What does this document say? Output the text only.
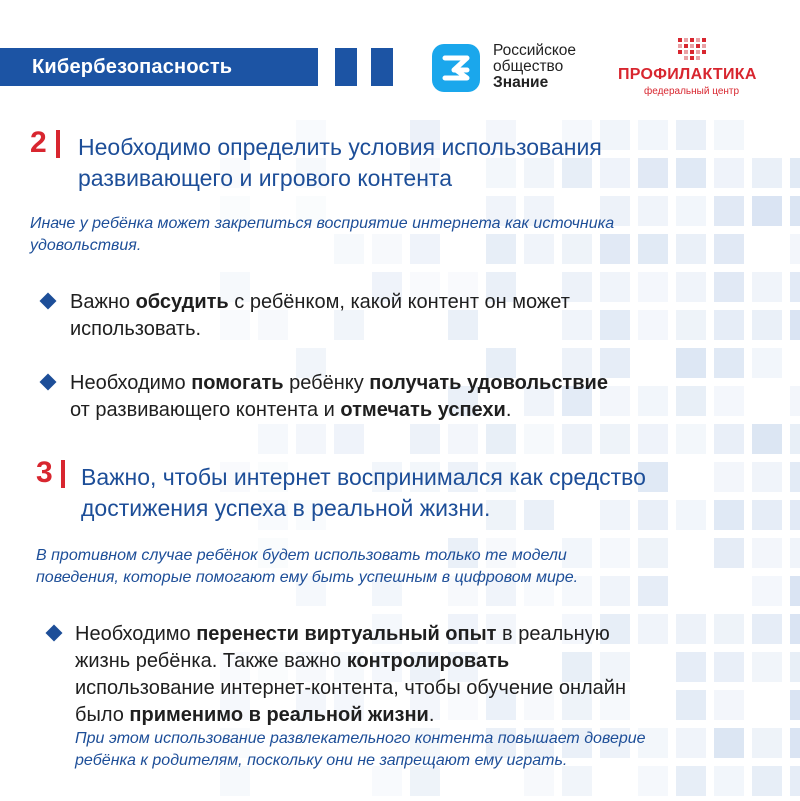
Кибербезопасность
Российское
общество
Знание	ПРОФИЛАКТИКА
федеральный центр
2 Необходимо определить условия использования
развивающего и игрового контента
Иначе у ребёнка может закрепиться восприятие интернета как источника
удовольствия.
Важно обсудить с ребёнком, какой контент он может
использовать.
Необходимо помогать ребёнку получать удовольствие
от развивающего контента и отмечать успехи.
3 Важно, чтобы интернет воспринимался как средство
достижения успеха в реальной жизни.
В противном случае ребёнок будет использовать только те модели
поведения, которые помогают ему быть успешным в цифровом мире.
Необходимо перенести виртуальный опыт в реальную
жизнь ребёнка. Также важно контролировать
использование интернет-контента, чтобы обучение онлайн
было применимо в реальной жизни.
При этом использование развлекательного контента повышает доверие
ребёнка к родителям, поскольку они не запрещают ему играть.
